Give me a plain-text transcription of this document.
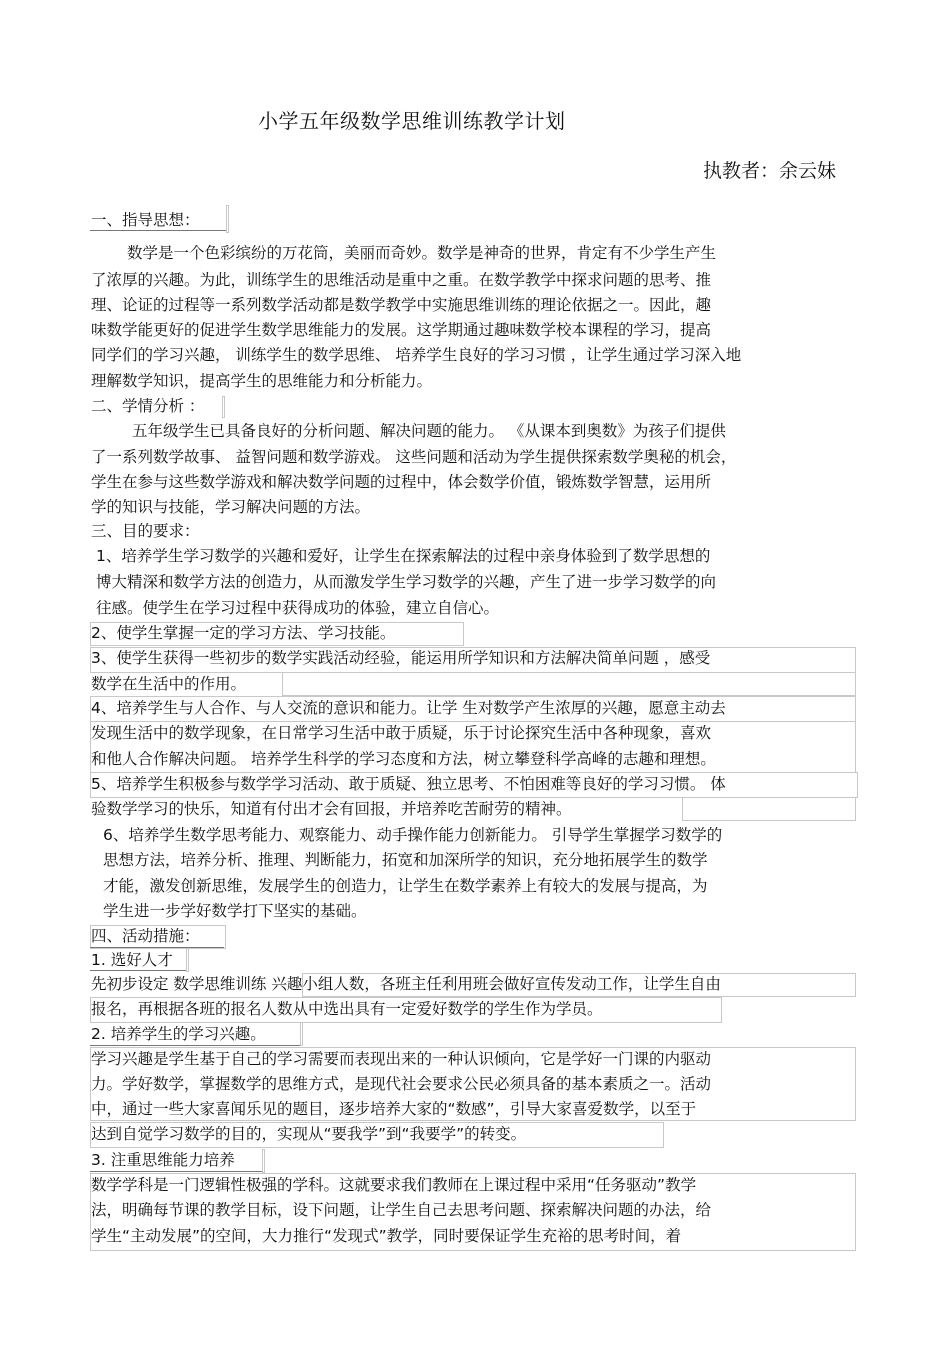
小学五年级数学思维训练教学计划
执教者：余云妹
一、指导思想：
数学是一个色彩缤纷的万花筒，美丽而奇妙。数学是神奇的世界，肯定有不少学生产生
了浓厚的兴趣。为此，训练学生的思维活动是重中之重。在数学教学中探求问题的思考、推
理、论证的过程等一系列数学活动都是数学教学中实施思维训练的理论依据之一。因此，趣
味数学能更好的促进学生数学思维能力的发展。这学期通过趣味数学校本课程的学习，提高
同学们的学习兴趣， 训练学生的数学思维、 培养学生良好的学习习惯 ，让学生通过学习深入地
理解数学知识，提高学生的思维能力和分析能力。
二、学情分析 ：
五年级学生已具备良好的分析问题、解决问题的能力。 《从课本到奥数》为孩子们提供
了一系列数学故事、 益智问题和数学游戏。 这些问题和活动为学生提供探索数学奥秘的机会，
学生在参与这些数学游戏和解决数学问题的过程中，体会数学价值，锻炼数学智慧，运用所
学的知识与技能，学习解决问题的方法。
三、目的要求：
1、培养学生学习数学的兴趣和爱好，让学生在探索解法的过程中亲身体验到了数学思想的
博大精深和数学方法的创造力，从而激发学生学习数学的兴趣，产生了进一步学习数学的向
往感。使学生在学习过程中获得成功的体验，建立自信心。
2、使学生掌握一定的学习方法、学习技能。
3、使学生获得一些初步的数学实践活动经验，能运用所学知识和方法解决简单问题 ，感受
数学在生活中的作用。
4、培养学生与人合作、与人交流的意识和能力。让学 生对数学产生浓厚的兴趣，愿意主动去
发现生活中的数学现象，在日常学习生活中敢于质疑，乐于讨论探究生活中各种现象，喜欢
和他人合作解决问题。 培养学生科学的学习态度和方法，树立攀登科学高峰的志趣和理想。
5、培养学生积极参与数学学习活动、敢于质疑、独立思考、不怕困难等良好的学习习惯。 体
验数学学习的快乐，知道有付出才会有回报，并培养吃苦耐劳的精神。
6、培养学生数学思考能力、观察能力、动手操作能力创新能力。 引导学生掌握学习数学的
思想方法，培养分析、推理、判断能力，拓宽和加深所学的知识，充分地拓展学生的数学
才能，激发创新思维，发展学生的创造力，让学生在数学素养上有较大的发展与提高，为
学生进一步学好数学打下坚实的基础。
四、活动措施：
1. 选好人才
先初步设定 数学思维训练 兴趣小组人数，各班主任利用班会做好宣传发动工作，让学生自由
报名，再根据各班的报名人数从中选出具有一定爱好数学的学生作为学员。
2. 培养学生的学习兴趣。
学习兴趣是学生基于自己的学习需要而表现出来的一种认识倾向，它是学好一门课的内驱动
力。学好数学，掌握数学的思维方式，是现代社会要求公民必须具备的基本素质之一。活动
中，通过一些大家喜闻乐见的题目，逐步培养大家的“数感”，引导大家喜爱数学，以至于
达到自觉学习数学的目的，实现从“要我学”到“我要学”的转变。
3. 注重思维能力培养
数学学科是一门逻辑性极强的学科。这就要求我们教师在上课过程中采用“任务驱动”教学
法，明确每节课的教学目标，设下问题，让学生自己去思考问题、探索解决问题的办法，给
学生“主动发展”的空间，大力推行“发现式”教学，同时要保证学生充裕的思考时间，着
